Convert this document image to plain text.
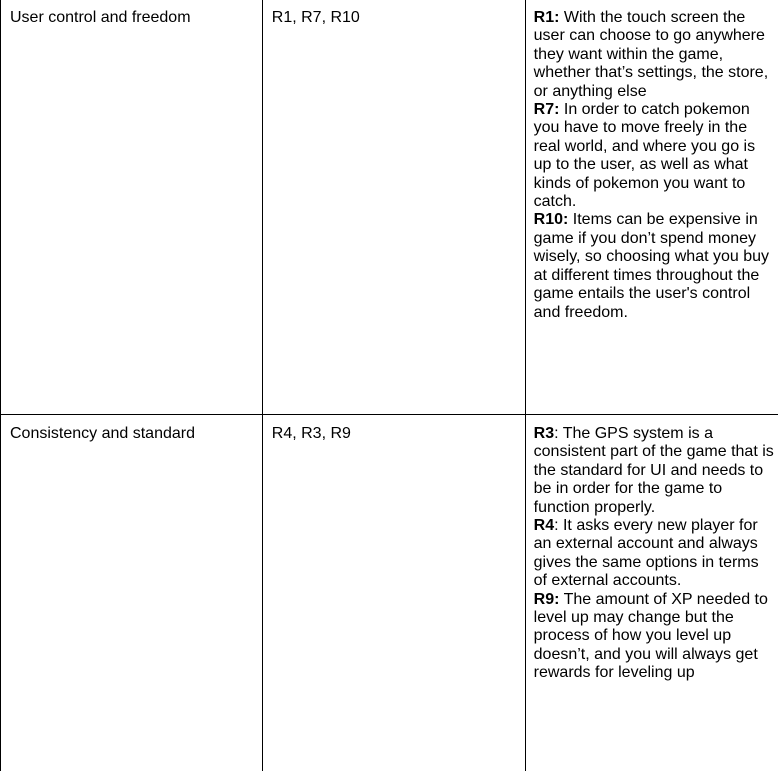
User control and freedom	R1, R7, R10	R1: With the touch screen the user can choose to go anywhere they want within the game, whether that’s settings, the store, or anything else
R7: In order to catch pokemon you have to move freely in the real world, and where you go is up to the user, as well as what kinds of pokemon you want to catch.
R10: Items can be expensive in game if you don’t spend money wisely, so choosing what you buy at different times throughout the game entails the user's control and freedom.

Consistency and standard	R4, R3, R9	R3: The GPS system is a consistent part of the game that is the standard for UI and needs to be in order for the game to function properly.
R4: It asks every new player for an external account and always gives the same options in terms of external accounts.
R9: The amount of XP needed to level up may change but the process of how you level up doesn’t, and you will always get rewards for leveling up
